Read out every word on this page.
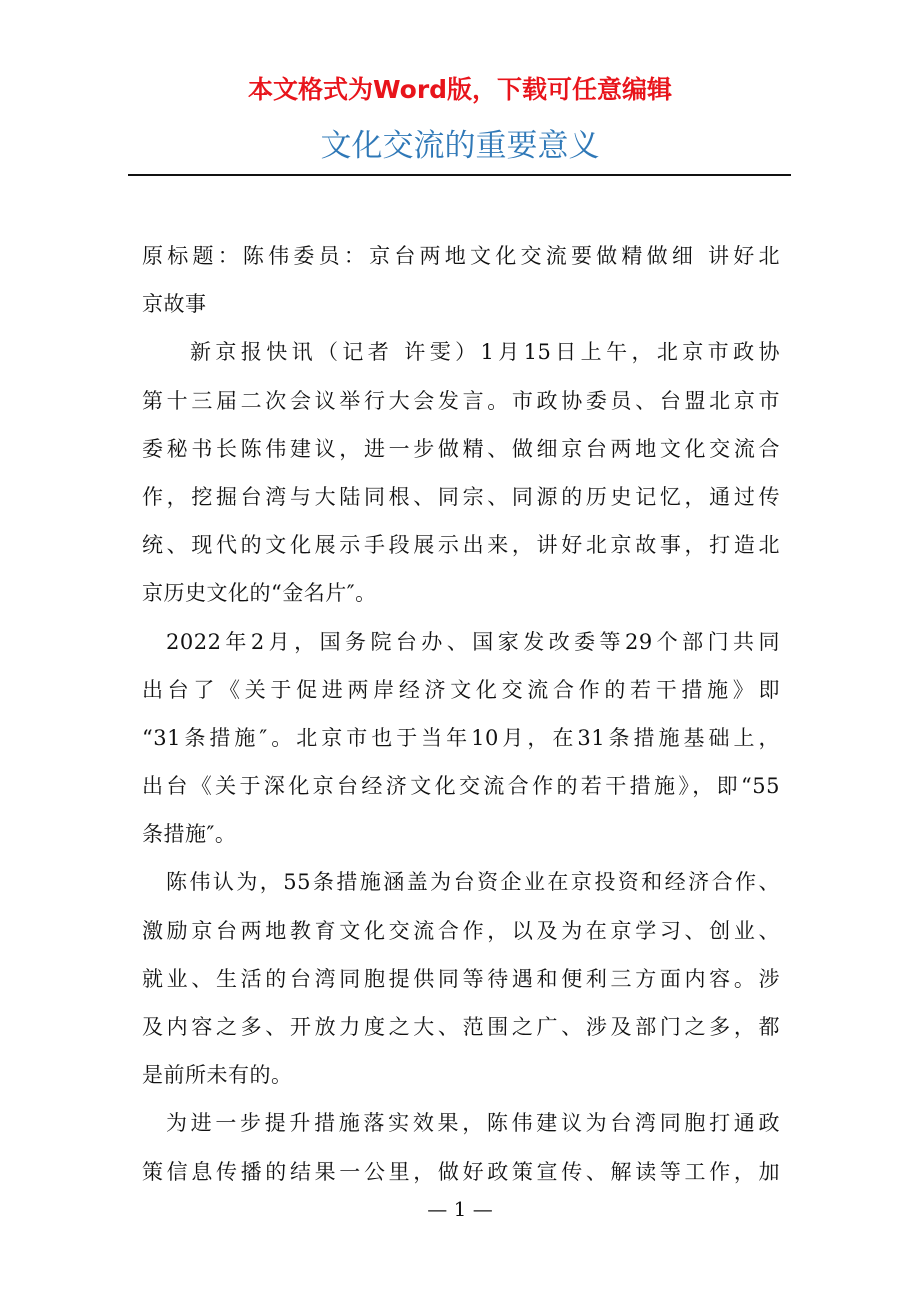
本文格式为Word版，下载可任意编辑
文化交流的重要意义
原标题：陈伟委员：京台两地文化交流要做精做细 讲好北
京故事
新京报快讯（记者 许雯）1月15日上午，北京市政协
第十三届二次会议举行大会发言。市政协委员、台盟北京市
委秘书长陈伟建议，进一步做精、做细京台两地文化交流合
作，挖掘台湾与大陆同根、同宗、同源的历史记忆，通过传
统、现代的文化展示手段展示出来，讲好北京故事，打造北
京历史文化的“金名片″。
2022年2月，国务院台办、国家发改委等29个部门共同
出台了《关于促进两岸经济文化交流合作的若干措施》即
“31条措施″。北京市也于当年10月，在31条措施基础上，
出台《关于深化京台经济文化交流合作的若干措施》，即“55
条措施″。
陈伟认为，55条措施涵盖为台资企业在京投资和经济合作、
激励京台两地教育文化交流合作，以及为在京学习、创业、
就业、生活的台湾同胞提供同等待遇和便利三方面内容。涉
及内容之多、开放力度之大、范围之广、涉及部门之多，都
是前所未有的。
为进一步提升措施落实效果，陈伟建议为台湾同胞打通政
策信息传播的结果一公里，做好政策宣传、解读等工作，加
— 1 —
